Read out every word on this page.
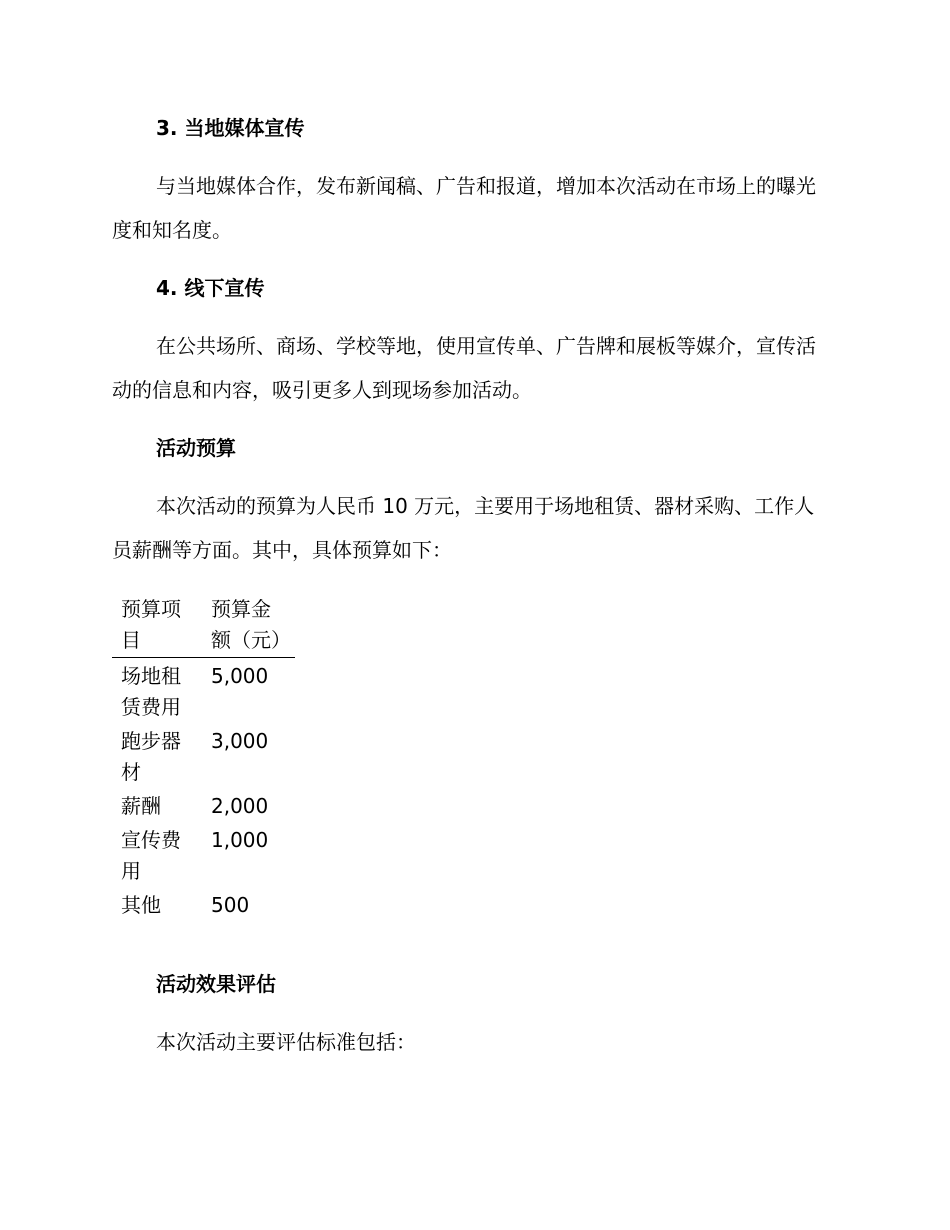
3. 当地媒体宣传

与当地媒体合作，发布新闻稿、广告和报道，增加本次活动在市场上的曝光度和知名度。

4. 线下宣传

在公共场所、商场、学校等地，使用宣传单、广告牌和展板等媒介，宣传活动的信息和内容，吸引更多人到现场参加活动。

活动预算

本次活动的预算为人民币 10 万元，主要用于场地租赁、器材采购、工作人员薪酬等方面。其中，具体预算如下：

预算项目	预算金额（元）
场地租赁费用	5,000
跑步器材	3,000
薪酬	2,000
宣传费用	1,000
其他	500
活动效果评估

本次活动主要评估标准包括：
